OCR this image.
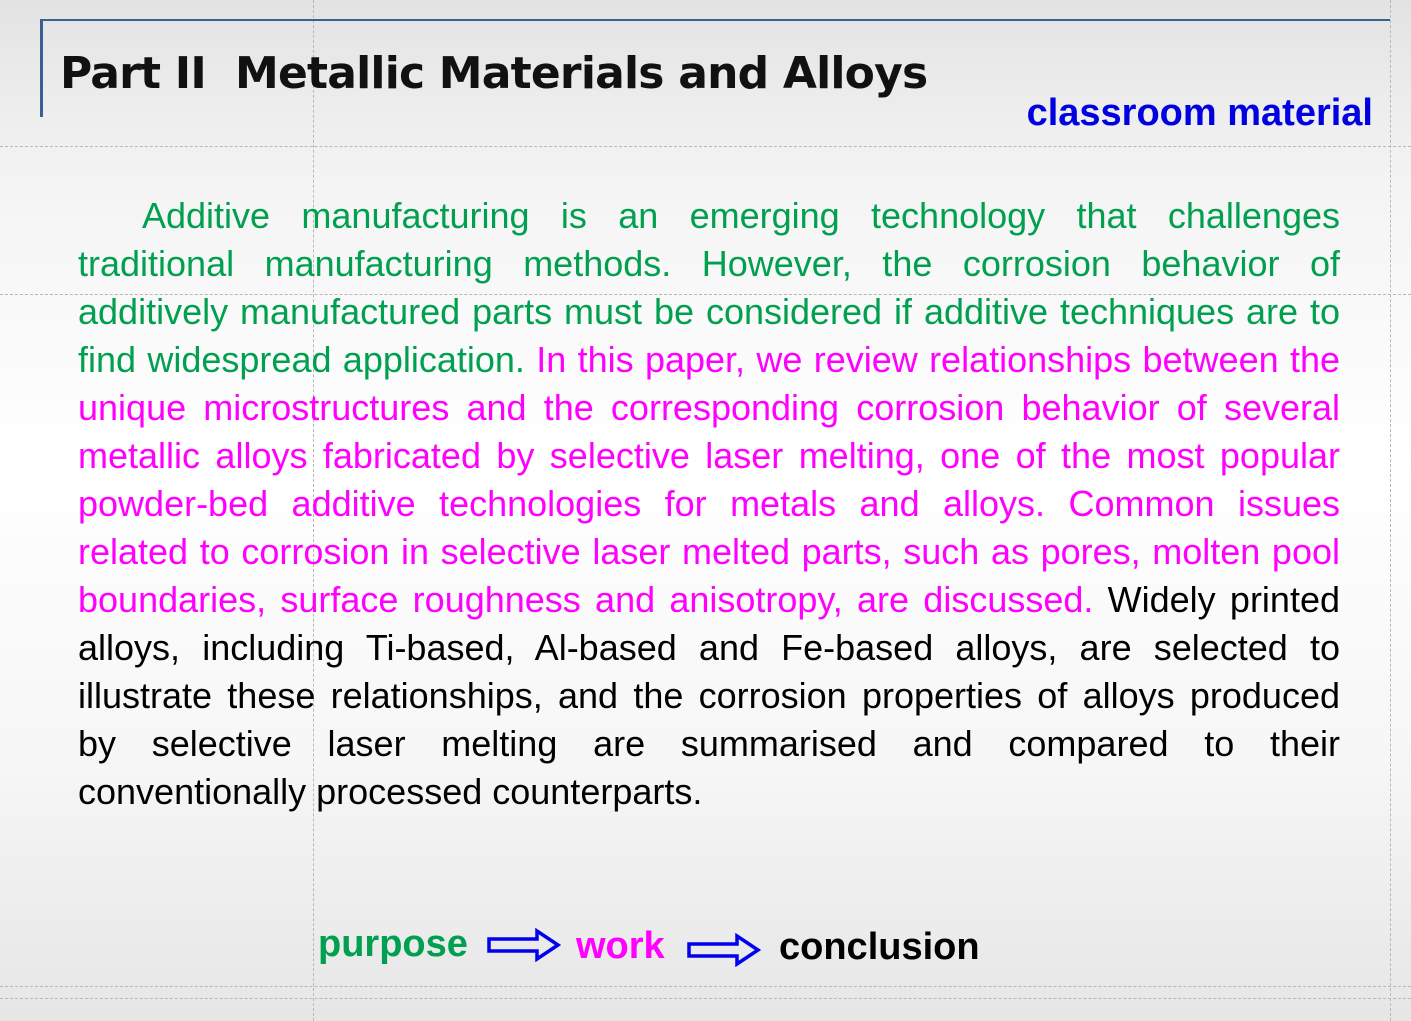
Part II  Metallic Materials and Alloys
classroom material

Additive manufacturing is an emerging technology that challenges traditional manufacturing methods. However, the corrosion behavior of additively manufactured parts must be considered if additive techniques are to find widespread application. In this paper, we review relationships between the unique microstructures and the corresponding corrosion behavior of several metallic alloys fabricated by selective laser melting, one of the most popular powder-bed additive technologies for metals and alloys. Common issues related to corrosion in selective laser melted parts, such as pores, molten pool boundaries, surface roughness and anisotropy, are discussed. Widely printed alloys, including Ti-based, Al-based and Fe-based alloys, are selected to illustrate these relationships, and the corrosion properties of alloys produced by selective laser melting are summarised and compared to their conventionally processed counterparts.

purpose	work	conclusion
